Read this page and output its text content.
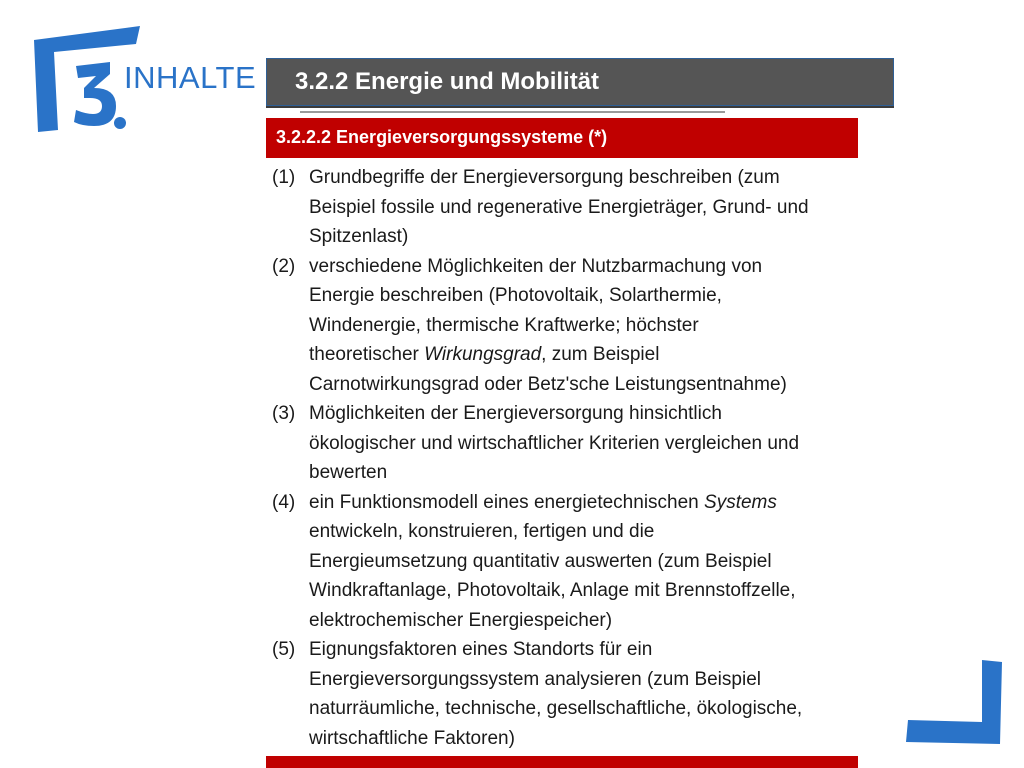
INHALTE 3.2.2 Energie und Mobilität
3.2.2.2 Energieversorgungssysteme (*)
(1) Grundbegriffe der Energieversorgung beschreiben (zum
Beispiel fossile und regenerative Energieträger, Grund- und
Spitzenlast)
(2) verschiedene Möglichkeiten der Nutzbarmachung von
Energie beschreiben (Photovoltaik, Solarthermie,
Windenergie, thermische Kraftwerke; höchster
theoretischer Wirkungsgrad, zum Beispiel
Carnotwirkungsgrad oder Betz'sche Leistungsentnahme)
(3) Möglichkeiten der Energieversorgung hinsichtlich
ökologischer und wirtschaftlicher Kriterien vergleichen und
bewerten
(4) ein Funktionsmodell eines energietechnischen Systems
entwickeln, konstruieren, fertigen und die
Energieumsetzung quantitativ auswerten (zum Beispiel
Windkraftanlage, Photovoltaik, Anlage mit Brennstoffzelle,
elektrochemischer Energiespeicher)
(5) Eignungsfaktoren eines Standorts für ein
Energieversorgungssystem analysieren (zum Beispiel
naturräumliche, technische, gesellschaftliche, ökologische,
wirtschaftliche Faktoren)
